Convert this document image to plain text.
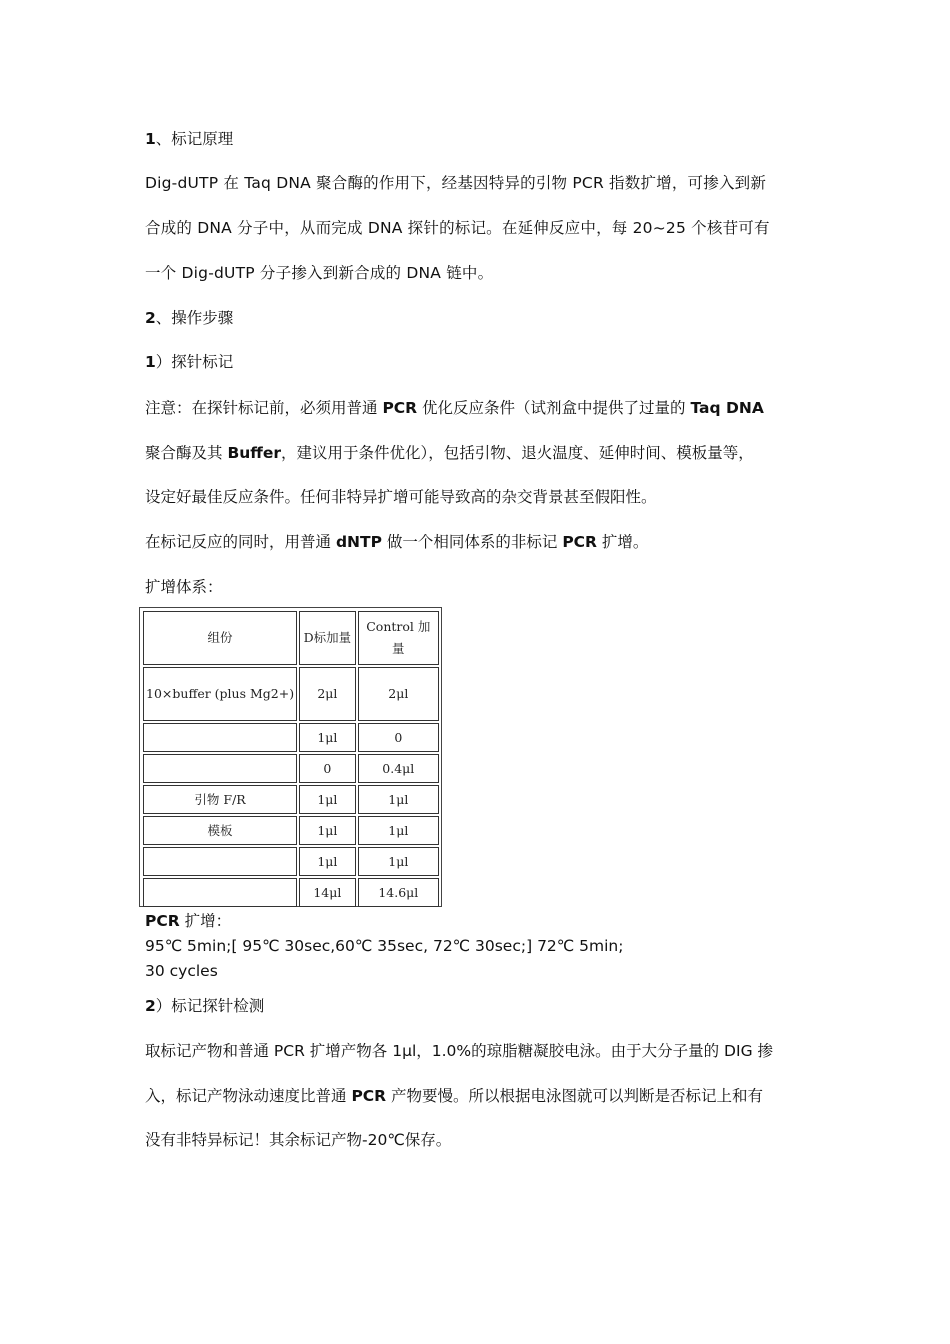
1、标记原理
Dig-dUTP 在 Taq DNA 聚合酶的作用下，经基因特异的引物 PCR 指数扩增，可掺入到新
合成的 DNA 分子中，从而完成 DNA 探针的标记。在延伸反应中，每 20~25 个核苷可有
一个 Dig-dUTP 分子掺入到新合成的 DNA 链中。
2、操作步骤
1）探针标记
注意：在探针标记前，必须用普通 PCR 优化反应条件（试剂盒中提供了过量的 Taq DNA
聚合酶及其 Buffer，建议用于条件优化），包括引物、退火温度、延伸时间、模板量等，
设定好最佳反应条件。任何非特异扩增可能导致高的杂交背景甚至假阳性。
在标记反应的同时，用普通 dNTP 做一个相同体系的非标记 PCR 扩增。
扩增体系：
组份	D标加量	Control 加量
10×buffer (plus Mg2+)	2μl	2μl
	1μl	0
	0	0.4μl
引物 F/R	1μl	1μl
模板	1μl	1μl
	1μl	1μl
	14μl	14.6μl
PCR 扩增：
95℃ 5min;[ 95℃ 30sec,60℃ 35sec, 72℃ 30sec;] 72℃ 5min;
30 cycles
2）标记探针检测
取标记产物和普通 PCR 扩增产物各 1μl，1.0%的琼脂糖凝胶电泳。由于大分子量的 DIG 掺
入，标记产物泳动速度比普通 PCR 产物要慢。所以根据电泳图就可以判断是否标记上和有
没有非特异标记！其余标记产物-20℃保存。
